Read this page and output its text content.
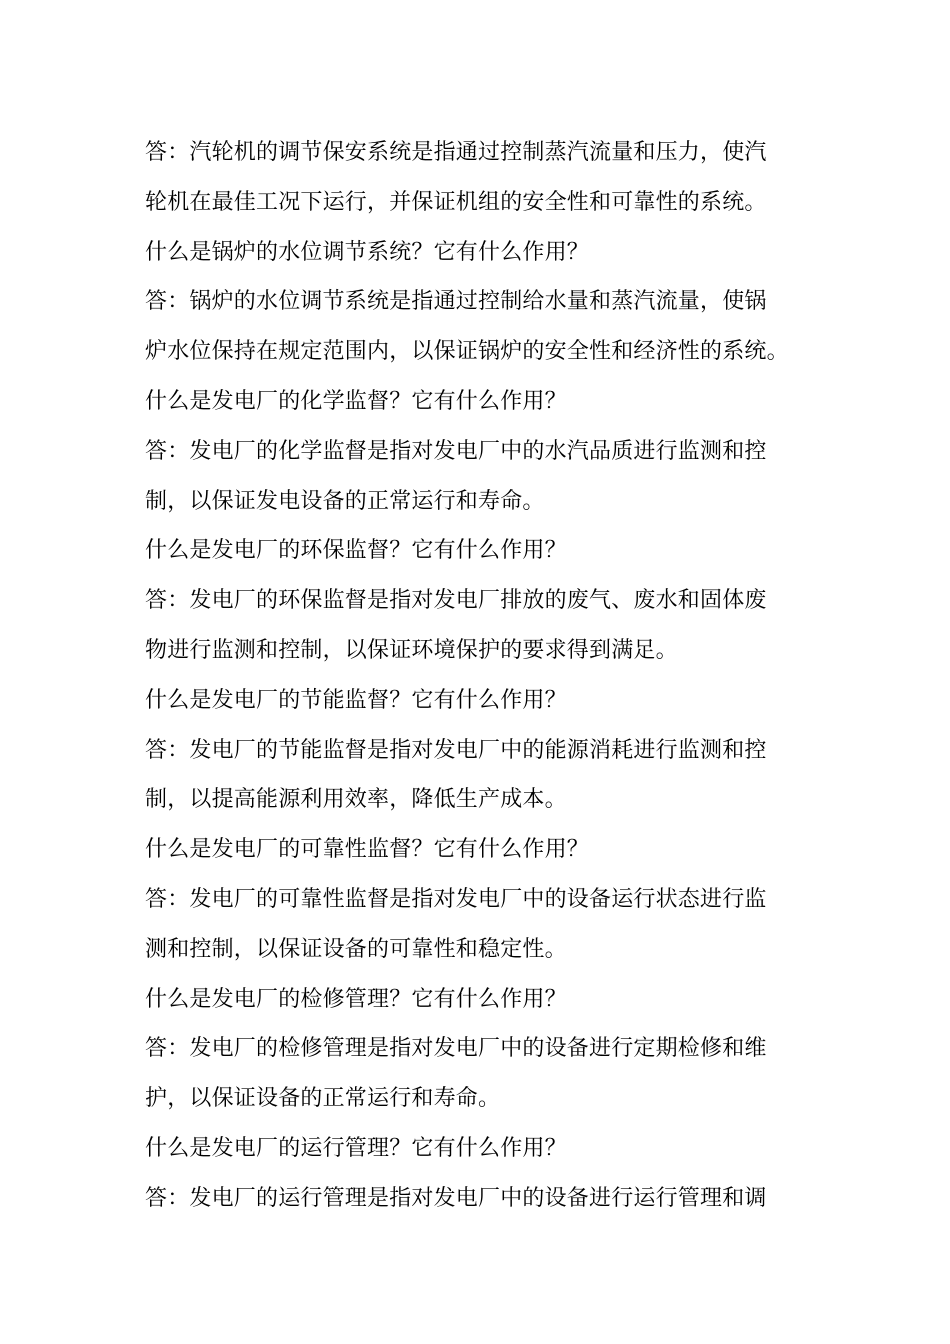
答：汽轮机的调节保安系统是指通过控制蒸汽流量和压力，使汽
轮机在最佳工况下运行，并保证机组的安全性和可靠性的系统。
什么是锅炉的水位调节系统？它有什么作用？
答：锅炉的水位调节系统是指通过控制给水量和蒸汽流量，使锅
炉水位保持在规定范围内，以保证锅炉的安全性和经济性的系统。
什么是发电厂的化学监督？它有什么作用？
答：发电厂的化学监督是指对发电厂中的水汽品质进行监测和控
制，以保证发电设备的正常运行和寿命。
什么是发电厂的环保监督？它有什么作用？
答：发电厂的环保监督是指对发电厂排放的废气、废水和固体废
物进行监测和控制，以保证环境保护的要求得到满足。
什么是发电厂的节能监督？它有什么作用？
答：发电厂的节能监督是指对发电厂中的能源消耗进行监测和控
制，以提高能源利用效率，降低生产成本。
什么是发电厂的可靠性监督？它有什么作用？
答：发电厂的可靠性监督是指对发电厂中的设备运行状态进行监
测和控制，以保证设备的可靠性和稳定性。
什么是发电厂的检修管理？它有什么作用？
答：发电厂的检修管理是指对发电厂中的设备进行定期检修和维
护，以保证设备的正常运行和寿命。
什么是发电厂的运行管理？它有什么作用？
答：发电厂的运行管理是指对发电厂中的设备进行运行管理和调
